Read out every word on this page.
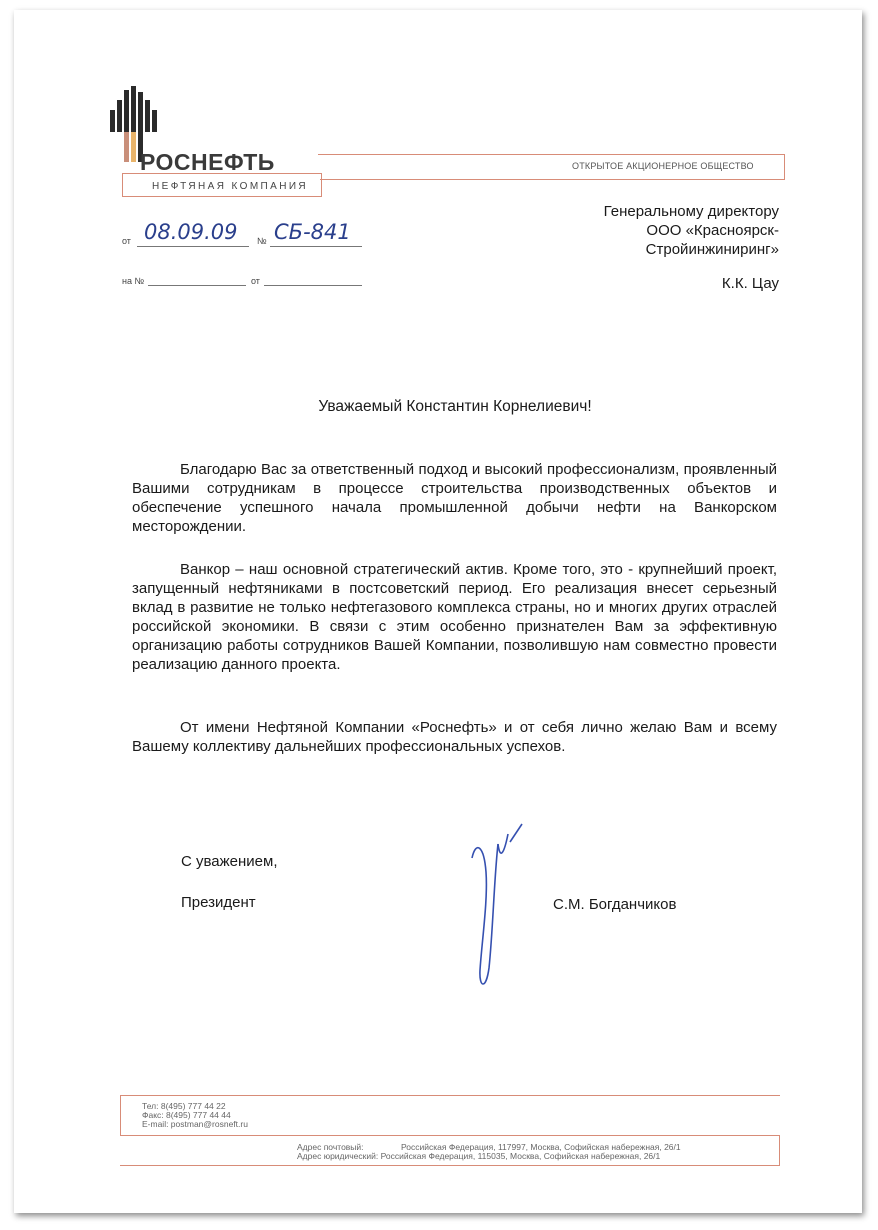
РОСНЕФТЬ	ОТКРЫТОЕ АКЦИОНЕРНОЕ ОБЩЕСТВО
НЕФТЯНАЯ КОМПАНИЯ
от 08.09.09 № СБ-841
на №	от
Генеральному директору
ООО «Красноярск-
Стройинжиниринг»
К.К. Цау
Уважаемый Константин Корнелиевич!
Благодарю Вас за ответственный подход и высокий профессионализм, проявленный Вашими сотрудникам в процессе строительства производственных объектов и обеспечение успешного начала промышленной добычи нефти на Ванкорском месторождении.
Ванкор – наш основной стратегический актив. Кроме того, это - крупнейший проект, запущенный нефтяниками в постсоветский период. Его реализация внесет серьезный вклад в развитие не только нефтегазового комплекса страны, но и многих других отраслей российской экономики. В связи с этим особенно признателен Вам за эффективную организацию работы сотрудников Вашей Компании, позволившую нам совместно провести реализацию данного проекта.
От имени Нефтяной Компании «Роснефть» и от себя лично желаю Вам и всему Вашему коллективу дальнейших профессиональных успехов.
С уважением,
Президент	С.М. Богданчиков
Тел: 8(495) 777 44 22
Факс: 8(495) 777 44 44
E-mail: postman@rosneft.ru
Адрес почтовый:	Российская Федерация, 117997, Москва, Софийская набережная, 26/1
Адрес юридический: Российская Федерация, 115035, Москва, Софийская набережная, 26/1
